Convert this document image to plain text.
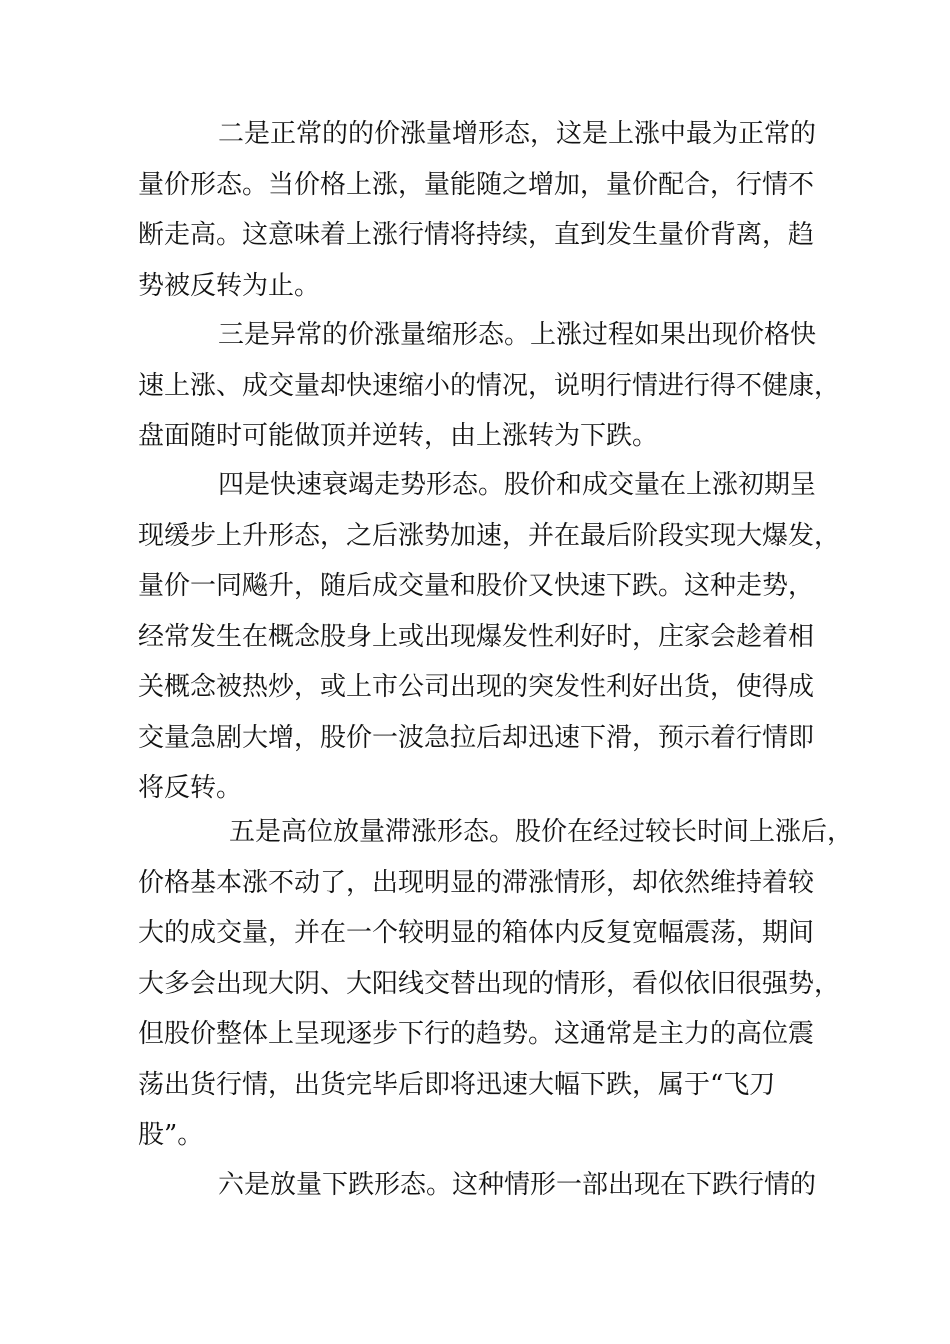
二是正常的的价涨量增形态，这是上涨中最为正常的
量价形态。当价格上涨，量能随之增加，量价配合，行情不
断走高。这意味着上涨行情将持续，直到发生量价背离，趋
势被反转为止。
三是异常的价涨量缩形态。上涨过程如果出现价格快
速上涨、成交量却快速缩小的情况，说明行情进行得不健康，
盘面随时可能做顶并逆转，由上涨转为下跌。
四是快速衰竭走势形态。股价和成交量在上涨初期呈
现缓步上升形态，之后涨势加速，并在最后阶段实现大爆发，
量价一同飚升，随后成交量和股价又快速下跌。这种走势，
经常发生在概念股身上或出现爆发性利好时，庄家会趁着相
关概念被热炒，或上市公司出现的突发性利好出货，使得成
交量急剧大增，股价一波急拉后却迅速下滑，预示着行情即
将反转。
五是高位放量滞涨形态。股价在经过较长时间上涨后，
价格基本涨不动了，出现明显的滞涨情形，却依然维持着较
大的成交量，并在一个较明显的箱体内反复宽幅震荡，期间
大多会出现大阴、大阳线交替出现的情形，看似依旧很强势，
但股价整体上呈现逐步下行的趋势。这通常是主力的高位震
荡出货行情，出货完毕后即将迅速大幅下跌，属于“飞刀
股”。
六是放量下跌形态。这种情形一部出现在下跌行情的
